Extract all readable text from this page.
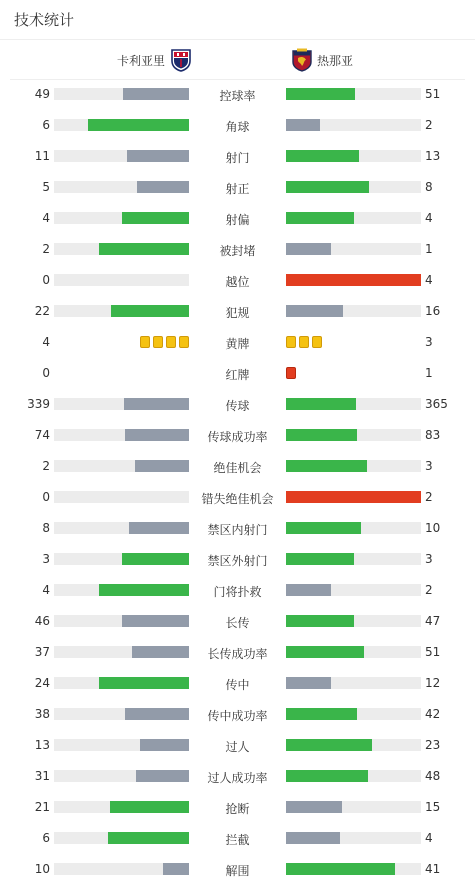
技术统计
卡利亚里	热那亚
49	控球率	51
6	角球	2
11	射门	13
5	射正	8
4	射偏	4
2	被封堵	1
0	越位	4
22	犯规	16
4	黄牌	3
0	红牌	1
339	传球	365
74	传球成功率	83
2	绝佳机会	3
0	错失绝佳机会	2
8	禁区内射门	10
3	禁区外射门	3
4	门将扑救	2
46	长传	47
37	长传成功率	51
24	传中	12
38	传中成功率	42
13	过人	23
31	过人成功率	48
21	抢断	15
6	拦截	4
10	解围	41
